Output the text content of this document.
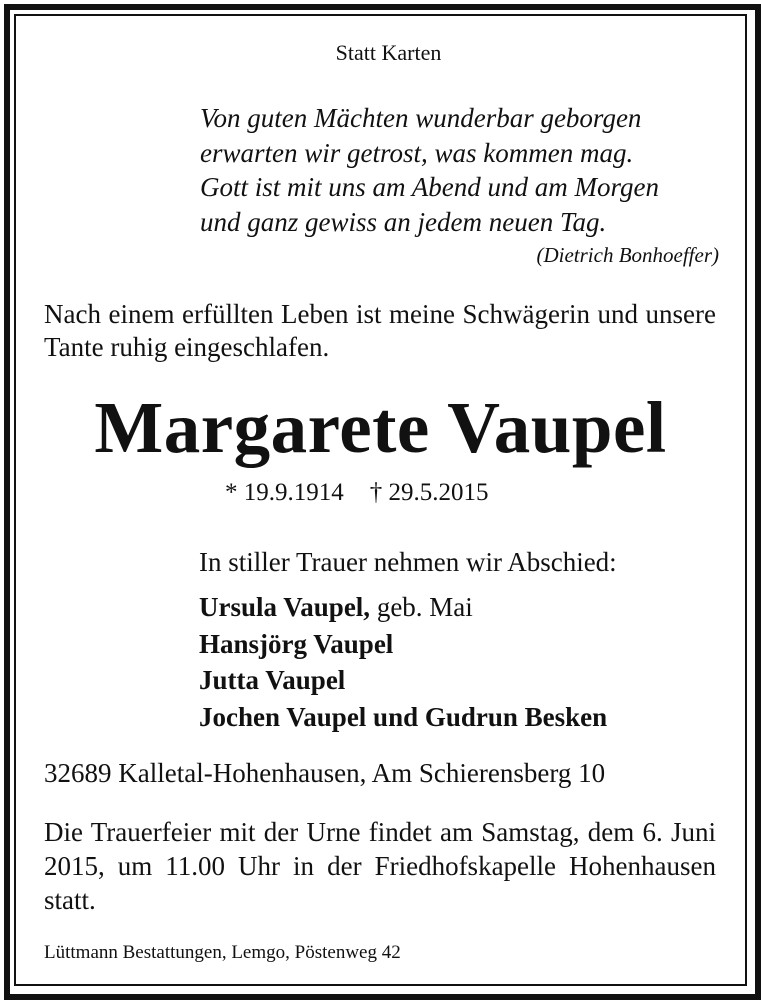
Statt Karten
Von guten Mächten wunderbar geborgen
erwarten wir getrost, was kommen mag.
Gott ist mit uns am Abend und am Morgen
und ganz gewiss an jedem neuen Tag.
(Dietrich Bonhoeffer)

Nach einem erfüllten Leben ist meine Schwägerin und unsere Tante ruhig eingeschlafen.

Margarete Vaupel
* 19.9.1914 † 29.5.2015
In stiller Trauer nehmen wir Abschied:
Ursula Vaupel, geb. Mai
Hansjörg Vaupel
Jutta Vaupel
Jochen Vaupel und Gudrun Besken
32689 Kalletal-Hohenhausen, Am Schierensberg 10

Die Trauerfeier mit der Urne findet am Samstag, dem 6. Juni 2015, um 11.00 Uhr in der Friedhofskapelle Hohenhausen statt.

Lüttmann Bestattungen, Lemgo, Pöstenweg 42
